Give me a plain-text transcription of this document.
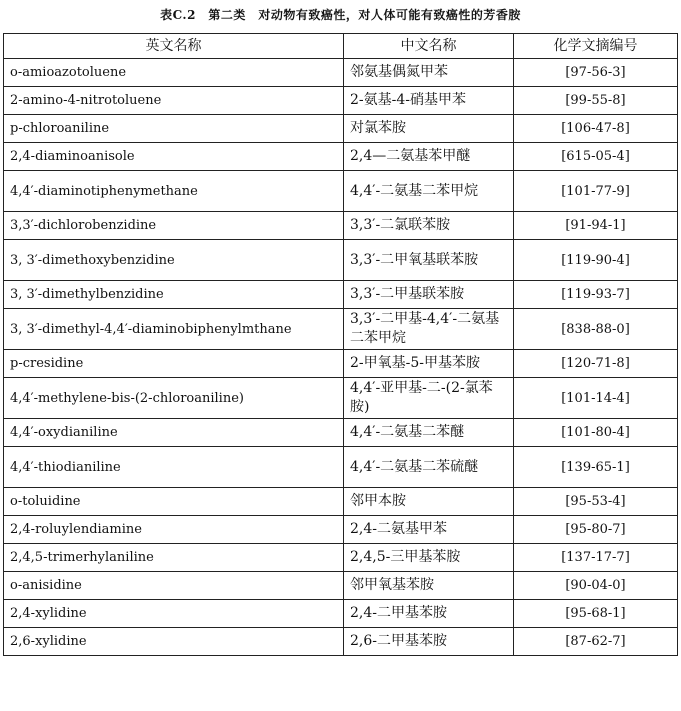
表C.2　第二类　对动物有致癌性，对人体可能有致癌性的芳香胺
英文名称	中文名称	化学文摘编号
o-amioazotoluene	邻氨基偶氮甲苯	[97-56-3]
2-amino-4-nitrotoluene	2-氨基-4-硝基甲苯	[99-55-8]
p-chloroaniline	对氯苯胺	[106-47-8]
2,4-diaminoanisole	2,4—二氨基苯甲醚	[615-05-4]
4,4′-diaminotiphenymethane	4,4′-二氨基二苯甲烷	[101-77-9]
3,3′-dichlorobenzidine	3,3′-二氯联苯胺	[91-94-1]
3, 3′-dimethoxybenzidine	3,3′-二甲氧基联苯胺	[119-90-4]
3, 3′-dimethylbenzidine	3,3′-二甲基联苯胺	[119-93-7]
3, 3′-dimethyl-4,4′-diaminobiphenylmthane	3,3′-二甲基-4,4′-二氨基二苯甲烷	[838-88-0]
p-cresidine	2-甲氧基-5-甲基苯胺	[120-71-8]
4,4′-methylene-bis-(2-chloroaniline)	4,4′-亚甲基-二-(2-氯苯胺)	[101-14-4]
4,4′-oxydianiline	4,4′-二氨基二苯醚	[101-80-4]
4,4′-thiodianiline	4,4′-二氨基二苯硫醚	[139-65-1]
o-toluidine	邻甲本胺	[95-53-4]
2,4-roluylendiamine	2,4-二氨基甲苯	[95-80-7]
2,4,5-trimerhylaniline	2,4,5-三甲基苯胺	[137-17-7]
o-anisidine	邻甲氧基苯胺	[90-04-0]
2,4-xylidine	2,4-二甲基苯胺	[95-68-1]
2,6-xylidine	2,6-二甲基苯胺	[87-62-7]
